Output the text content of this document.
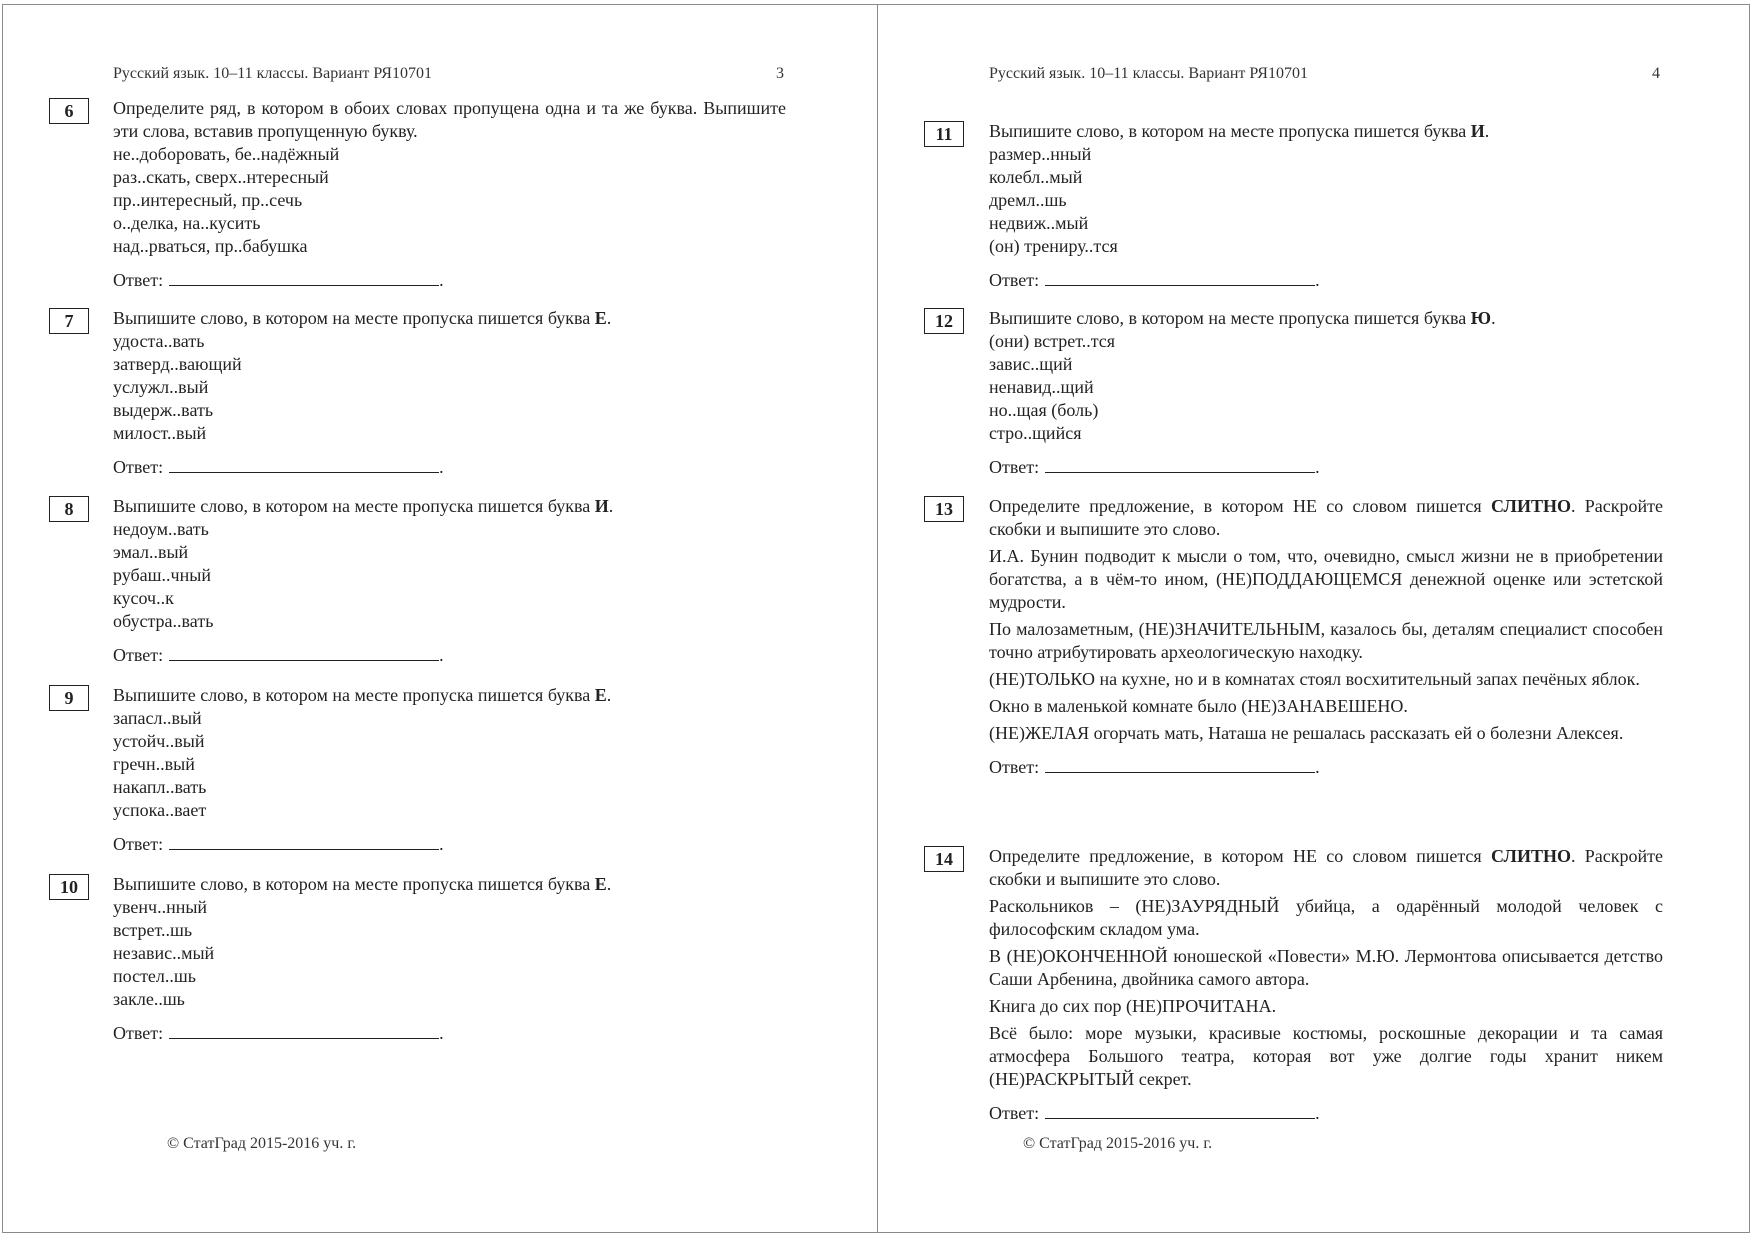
Русский язык. 10–11 классы. Вариант РЯ10701	3
6	Определите ряд, в котором в обоих словах пропущена одна и та же буква. Выпишите эти слова, вставив пропущенную букву.

не..доборовать, бе..надёжный
раз..скать, сверх..нтересный
пр..интересный, пр..сечь
о..делка, на..кусить
над..рваться, пр..бабушка
Ответ:	.
7	Выпишите слово, в котором на месте пропуска пишется буква Е.

удоста..вать
затверд..вающий
услужл..вый
выдерж..вать
милост..вый
Ответ:	.
8	Выпишите слово, в котором на месте пропуска пишется буква И.

недоум..вать
эмал..вый
рубаш..чный
кусоч..к
обустра..вать
Ответ:	.
9	Выпишите слово, в котором на месте пропуска пишется буква Е.

запасл..вый
устойч..вый
гречн..вый
накапл..вать
успока..вает
Ответ:	.
10	Выпишите слово, в котором на месте пропуска пишется буква Е.

увенч..нный
встрет..шь
независ..мый
постел..шь
закле..шь
Ответ:	.
© СтатГрад 2015-2016 уч. г.
Русский язык. 10–11 классы. Вариант РЯ10701	4
11	Выпишите слово, в котором на месте пропуска пишется буква И.

размер..нный
колебл..мый
дремл..шь
недвиж..мый
(он) трениру..тся
Ответ:	.
12	Выпишите слово, в котором на месте пропуска пишется буква Ю.

(они) встрет..тся
завис..щий
ненавид..щий
но..щая (боль)
стро..щийся
Ответ:	.
13	Определите предложение, в котором НЕ со словом пишется СЛИТНО. Раскройте скобки и выпишите это слово.

И.А. Бунин подводит к мысли о том, что, очевидно, смысл жизни не в приобретении богатства, а в чём-то ином, (НЕ)ПОДДАЮЩЕМСЯ денежной оценке или эстетской мудрости.

По малозаметным, (НЕ)ЗНАЧИТЕЛЬНЫМ, казалось бы, деталям специалист способен точно атрибутировать археологическую находку.

(НЕ)ТОЛЬКО на кухне, но и в комнатах стоял восхитительный запах печёных яблок.

Окно в маленькой комнате было (НЕ)ЗАНАВЕШЕНО.

(НЕ)ЖЕЛАЯ огорчать мать, Наташа не решалась рассказать ей о болезни Алексея.

Ответ:	.
14	Определите предложение, в котором НЕ со словом пишется СЛИТНО. Раскройте скобки и выпишите это слово.

Раскольников – (НЕ)ЗАУРЯДНЫЙ убийца, а одарённый молодой человек с философским складом ума.

В (НЕ)ОКОНЧЕННОЙ юношеской «Повести» М.Ю. Лермонтова описывается детство Саши Арбенина, двойника самого автора.

Книга до сих пор (НЕ)ПРОЧИТАНА.

Всё было: море музыки, красивые костюмы, роскошные декорации и та самая атмосфера Большого театра, которая вот уже долгие годы хранит никем (НЕ)РАСКРЫТЫЙ секрет.

Ответ:	.
© СтатГрад 2015-2016 уч. г.
